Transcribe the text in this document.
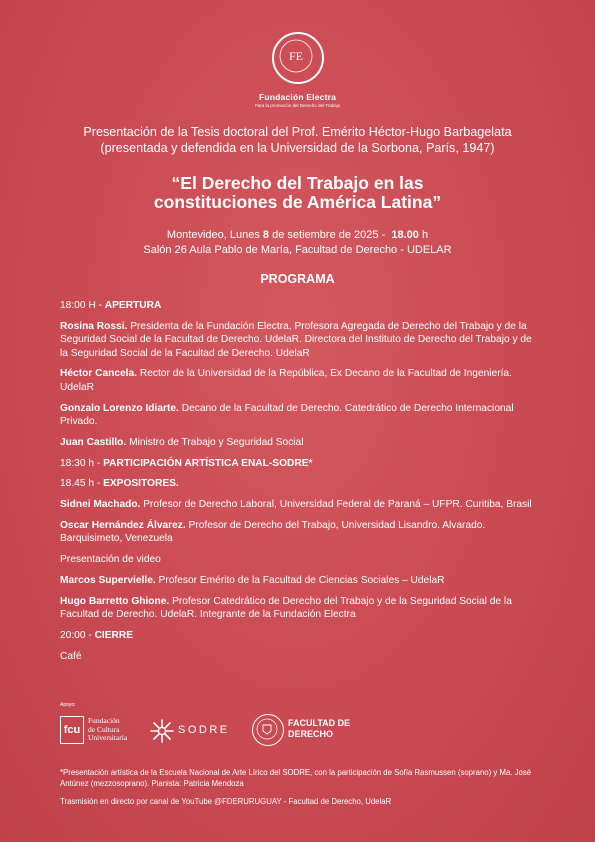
FE
Fundación Electra
Para la promoción del Derecho del Trabajo
Presentación de la Tesis doctoral del Prof. Emérito Héctor-Hugo Barbagelata
(presentada y defendida en la Universidad de la Sorbona, París, 1947)
“El Derecho del Trabajo en las
constituciones de América Latina”
Montevideo, Lunes 8 de setiembre de 2025 - 18.00 h
Salón 26 Aula Pablo de María, Facultad de Derecho - UDELAR
PROGRAMA

18:00 H - APERTURA

Rosina Rossi. Presidenta de la Fundación Electra, Profesora Agregada de Derecho del Trabajo y de la Seguridad Social de la Facultad de Derecho. UdelaR. Directora del Instituto de Derecho del Trabajo y de la Seguridad Social de la Facultad de Derecho. UdelaR

Héctor Cancela. Rector de la Universidad de la República, Ex Decano de la Facultad de Ingeniería. UdelaR

Gonzalo Lorenzo Idiarte. Decano de la Facultad de Derecho. Catedrático de Derecho Internacional Privado.

Juan Castillo. Ministro de Trabajo y Seguridad Social

18:30 h - PARTICIPACIÓN ARTÍSTICA ENAL-SODRE*

18.45 h - EXPOSITORES.

Sidnei Machado. Profesor de Derecho Laboral, Universidad Federal de Paraná – UFPR. Curitiba, Brasil

Oscar Hernández Álvarez. Profesor de Derecho del Trabajo, Universidad Lisandro. Alvarado. Barquisimeto, Venezuela

Presentación de video

Marcos Supervielle. Profesor Emérito de la Facultad de Ciencias Sociales – UdelaR

Hugo Barretto Ghione. Profesor Catedrático de Derecho del Trabajo y de la Seguridad Social de la Facultad de Derecho. UdelaR. Integrante de la Fundación Electra

20:00 - CIERRE

Café

Apoyo:
fcu
Fundación
de Cultura
Universitaria
SODRE
FACULTAD DE
DERECHO
*Presentación artística de la Escuela Nacional de Arte Lírico del SODRE, con la participación de Sofía Rasmussen (soprano) y Ma. José Antúnez (mezzosoprano). Pianista: Patricia Mendoza
Trasmisión en directo por canal de YouTube @FDERURUGUAY - Facultad de Derecho, UdelaR
